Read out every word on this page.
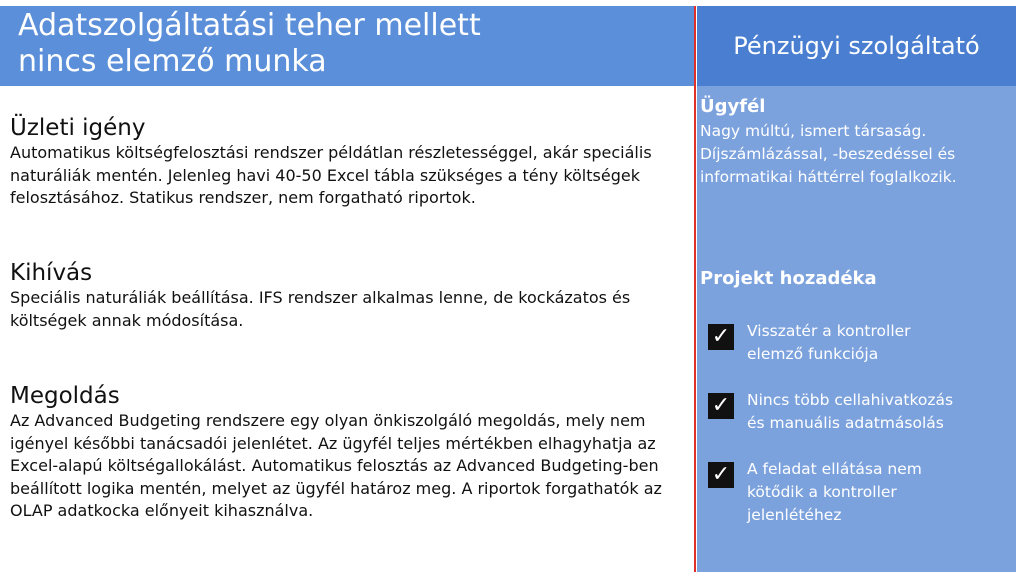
Adatszolgáltatási teher mellett
nincs elemző munka	Pénzügyi szolgáltató
Üzleti igény
Automatikus költségfelosztási rendszer példátlan részletességgel, akár speciális naturáliák mentén. Jelenleg havi 40-50 Excel tábla szükséges a tény költségek felosztásához. Statikus rendszer, nem forgatható riportok.
Kihívás
Speciális naturáliák beállítása. IFS rendszer alkalmas lenne, de kockázatos és költségek annak módosítása.
Megoldás
Az Advanced Budgeting rendszere egy olyan önkiszolgáló megoldás, mely nem igényel későbbi tanácsadói jelenlétet. Az ügyfél teljes mértékben elhagyhatja az Excel-alapú költségallokálást. Automatikus felosztás az Advanced Budgeting-ben beállított logika mentén, melyet az ügyfél határoz meg. A riportok forgathatók az OLAP adatkocka előnyeit kihasználva.
Ügyfél
Nagy múltú, ismert társaság.
Díjszámlázással, -beszedéssel és
informatikai háttérrel foglalkozik.
Projekt hozadéka
✓ Visszatér a kontroller
elemző funkciója
✓ Nincs több cellahivatkozás
és manuális adatmásolás
✓ A feladat ellátása nem
kötődik a kontroller
jelenlétéhez
